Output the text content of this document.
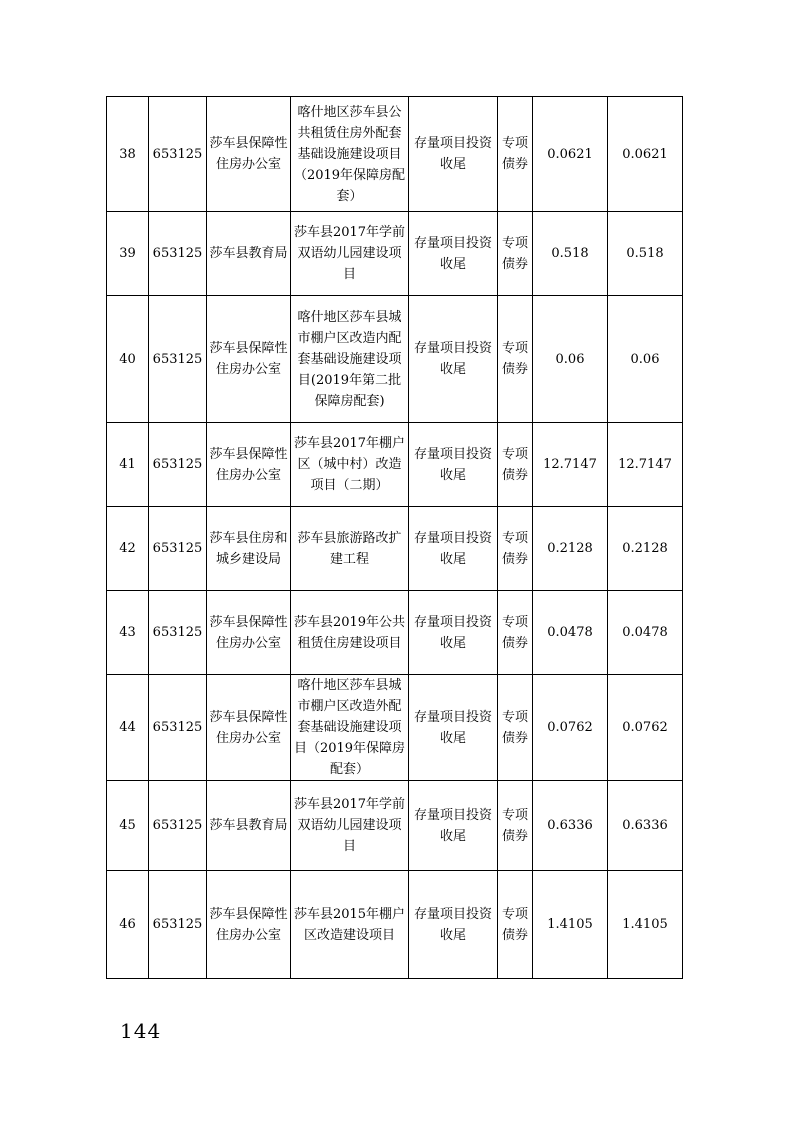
38	653125	莎车县保障性住房办公室	喀什地区莎车县公共租赁住房外配套基础设施建设项目（2019年保障房配套）	存量项目投资收尾	专项债券	0.0621	0.0621
39	653125	莎车县教育局	莎车县2017年学前双语幼儿园建设项目	存量项目投资收尾	专项债券	0.518	0.518
40	653125	莎车县保障性住房办公室	喀什地区莎车县城市棚户区改造内配套基础设施建设项目(2019年第二批保障房配套)	存量项目投资收尾	专项债券	0.06	0.06
41	653125	莎车县保障性住房办公室	莎车县2017年棚户区（城中村）改造项目（二期）	存量项目投资收尾	专项债券	12.7147	12.7147
42	653125	莎车县住房和城乡建设局	莎车县旅游路改扩建工程	存量项目投资收尾	专项债券	0.2128	0.2128
43	653125	莎车县保障性住房办公室	莎车县2019年公共租赁住房建设项目	存量项目投资收尾	专项债券	0.0478	0.0478
44	653125	莎车县保障性住房办公室	喀什地区莎车县城市棚户区改造外配套基础设施建设项目（2019年保障房配套）	存量项目投资收尾	专项债券	0.0762	0.0762
45	653125	莎车县教育局	莎车县2017年学前双语幼儿园建设项目	存量项目投资收尾	专项债券	0.6336	0.6336
46	653125	莎车县保障性住房办公室	莎车县2015年棚户区改造建设项目	存量项目投资收尾	专项债券	1.4105	1.4105
144
